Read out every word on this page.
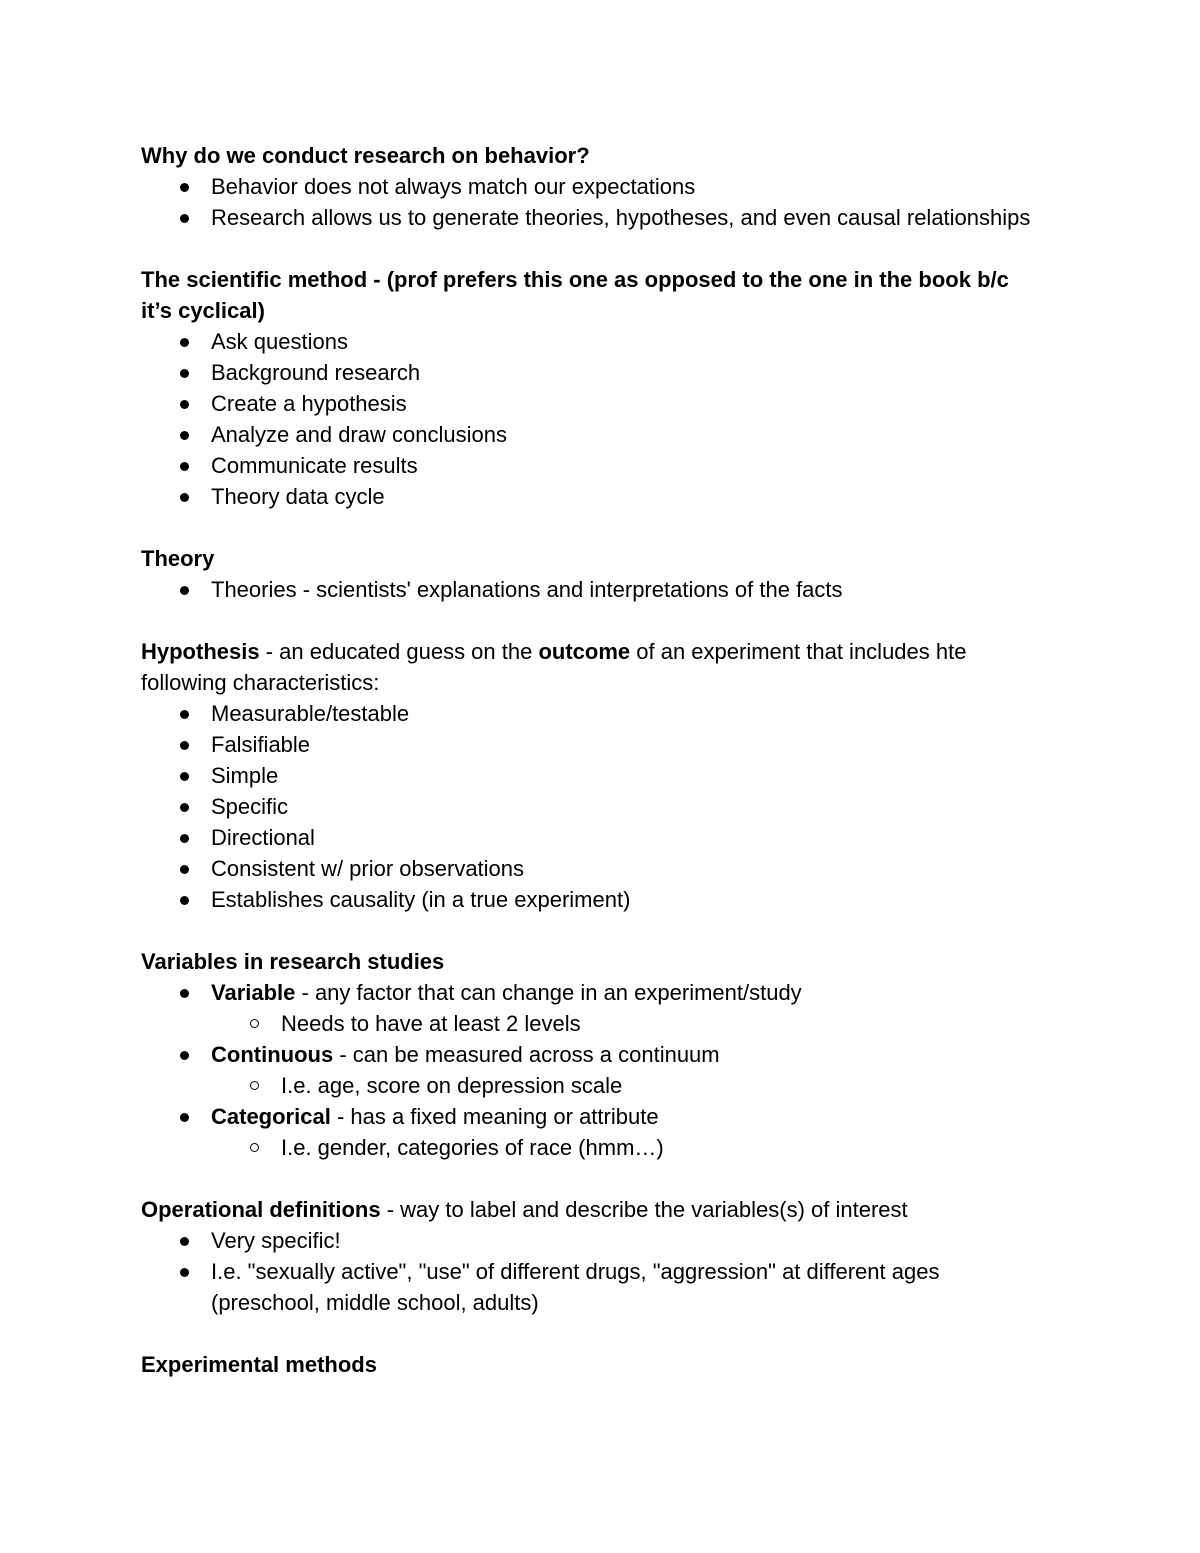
Why do we conduct research on behavior?

Behavior does not always match our expectations
Research allows us to generate theories, hypotheses, and even causal relationships

The scientific method - (prof prefers this one as opposed to the one in the book b/c it’s cyclical)

Ask questions
Background research
Create a hypothesis
Analyze and draw conclusions
Communicate results
Theory data cycle

Theory

Theories - scientists' explanations and interpretations of the facts

Hypothesis - an educated guess on the outcome of an experiment that includes hte following characteristics:

Measurable/testable
Falsifiable
Simple
Specific
Directional
Consistent w/ prior observations
Establishes causality (in a true experiment)

Variables in research studies

Variable - any factor that can change in an experiment/study
Needs to have at least 2 levels
Continuous - can be measured across a continuum
I.e. age, score on depression scale
Categorical - has a fixed meaning or attribute
I.e. gender, categories of race (hmm…)

Operational definitions - way to label and describe the variables(s) of interest

Very specific!
I.e. "sexually active", "use" of different drugs, "aggression" at different ages (preschool, middle school, adults)

Experimental methods
